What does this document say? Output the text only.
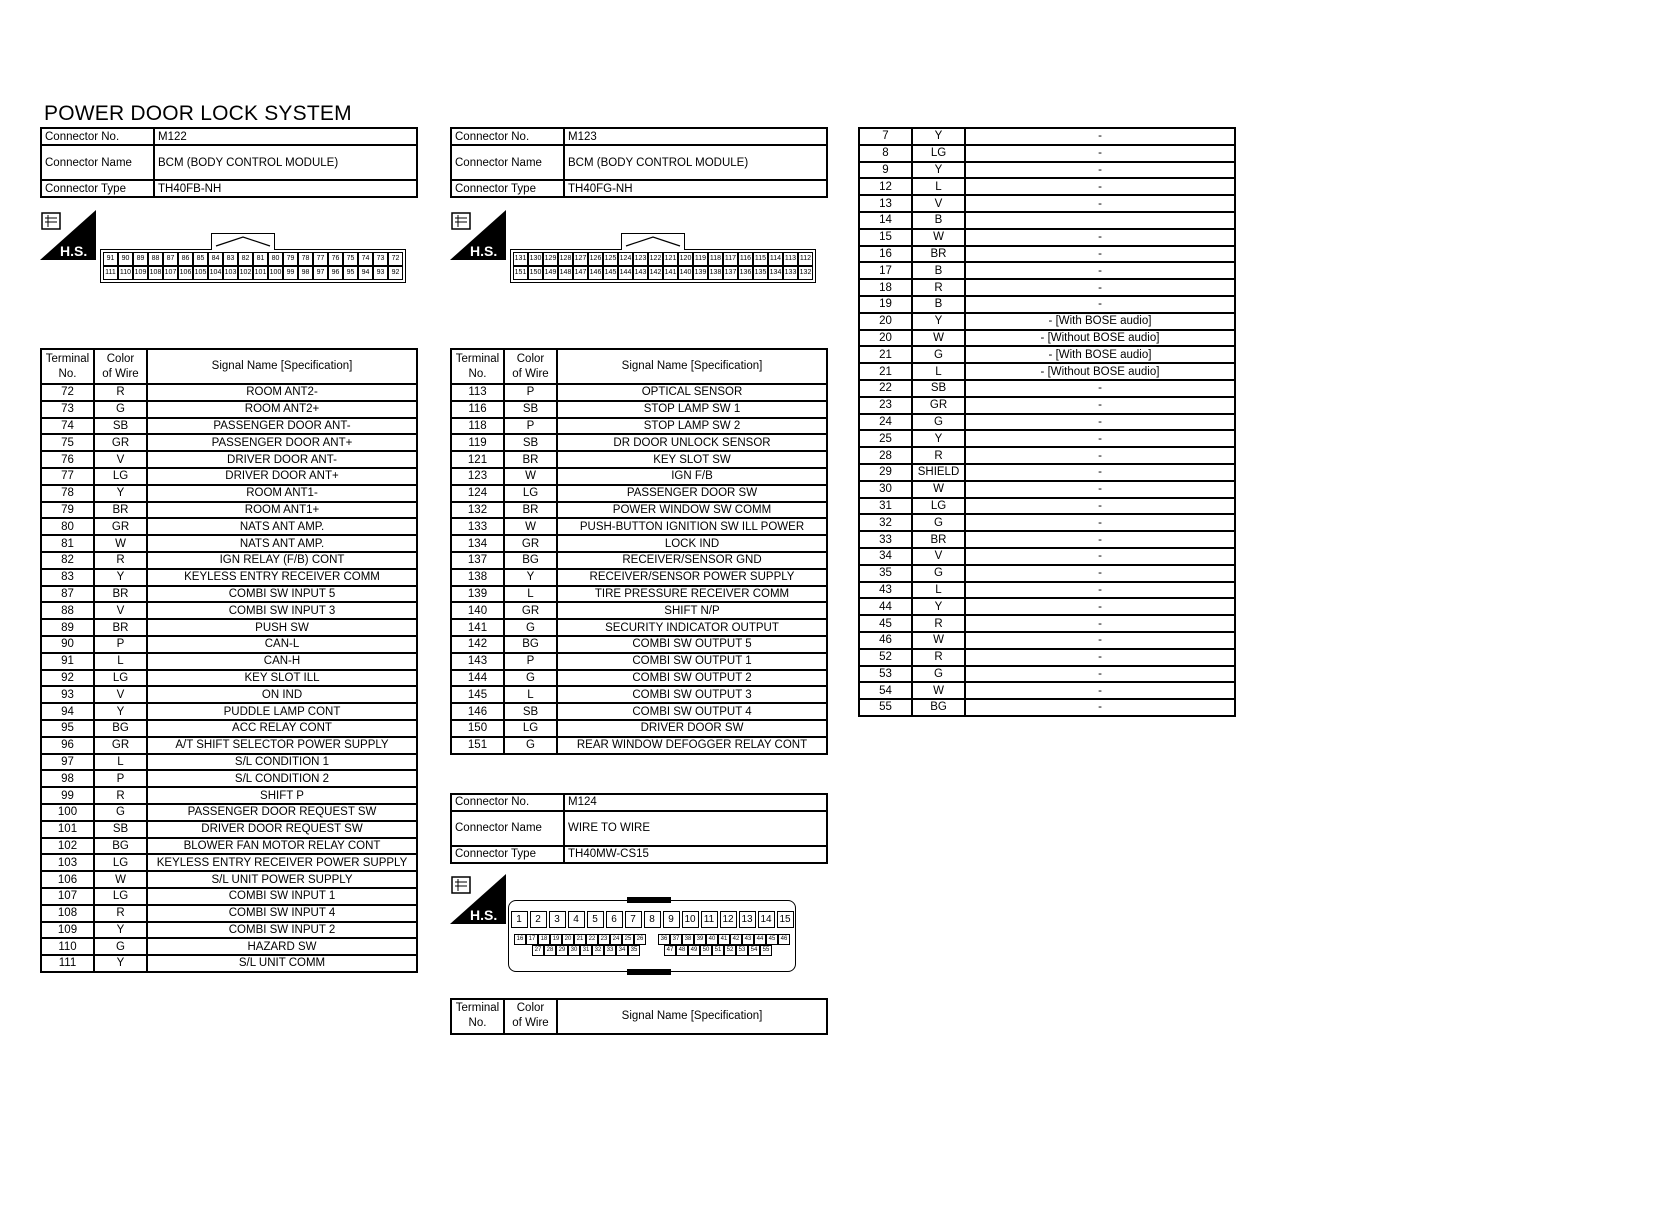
POWER DOOR LOCK SYSTEM
Connector No.	M122
Connector Name	BCM (BODY CONTROL MODULE)
Connector Type	TH40FB-NH
H.S.	91	90	89	88	87	86	85	84	83	82	81	80	79	78	77	76	75	74	73	72
111 110 109 108 107 106 105 104 103 102 101 100 99	98	97	96	95	94	93	92
Terminal
No.	Color
of Wire	Signal Name [Specification]
72	R	ROOM ANT2-
73	G	ROOM ANT2+
74	SB	PASSENGER DOOR ANT-
75	GR	PASSENGER DOOR ANT+
76	V	DRIVER DOOR ANT-
77	LG	DRIVER DOOR ANT+
78	Y	ROOM ANT1-
79	BR	ROOM ANT1+
80	GR	NATS ANT AMP.
81	W	NATS ANT AMP.
82	R	IGN RELAY (F/B) CONT
83	Y	KEYLESS ENTRY RECEIVER COMM
87	BR	COMBI SW INPUT 5
88	V	COMBI SW INPUT 3
89	BR	PUSH SW
90	P	CAN-L
91	L	CAN-H
92	LG	KEY SLOT ILL
93	V	ON IND
94	Y	PUDDLE LAMP CONT
95	BG	ACC RELAY CONT
96	GR	A/T SHIFT SELECTOR POWER SUPPLY
97	L	S/L CONDITION 1
98	P	S/L CONDITION 2
99	R	SHIFT P
100	G	PASSENGER DOOR REQUEST SW
101	SB	DRIVER DOOR REQUEST SW
102	BG	BLOWER FAN MOTOR RELAY CONT
103	LG	KEYLESS ENTRY RECEIVER POWER SUPPLY
106	W	S/L UNIT POWER SUPPLY
107	LG	COMBI SW INPUT 1
108	R	COMBI SW INPUT 4
109	Y	COMBI SW INPUT 2
110	G	HAZARD SW
111	Y	S/L UNIT COMM
Connector No.	M123
Connector Name	BCM (BODY CONTROL MODULE)
Connector Type	TH40FG-NH
H.S. 131 130 129 128 127 126 125 124 123 122 121 120 119 118 117 116 115 114 113 112
151 150 149 148 147 146 145 144 143 142 141 140 139 138 137 136 135 134 133 132
Terminal
No.	Color
of Wire	Signal Name [Specification]
113	P	OPTICAL SENSOR
116	SB	STOP LAMP SW 1
118	P	STOP LAMP SW 2
119	SB	DR DOOR UNLOCK SENSOR
121	BR	KEY SLOT SW
123	W	IGN F/B
124	LG	PASSENGER DOOR SW
132	BR	POWER WINDOW SW COMM
133	W	PUSH-BUTTON IGNITION SW ILL POWER
134	GR	LOCK IND
137	BG	RECEIVER/SENSOR GND
138	Y	RECEIVER/SENSOR POWER SUPPLY
139	L	TIRE PRESSURE RECEIVER COMM
140	GR	SHIFT N/P
141	G	SECURITY INDICATOR OUTPUT
142	BG	COMBI SW OUTPUT 5
143	P	COMBI SW OUTPUT 1
144	G	COMBI SW OUTPUT 2
145	L	COMBI SW OUTPUT 3
146	SB	COMBI SW OUTPUT 4
150	LG	DRIVER DOOR SW
151	G	REAR WINDOW DEFOGGER RELAY CONT
Connector No.	M124
Connector Name	WIRE TO WIRE
Connector Type	TH40MW-CS15
H.S.	1	2	3	4	5	6	7	8	9	10 11 12 13 14 15
16 17 18 19 20 21 22 23 24 25 26	36 37 38 39 40 41 42 43 44 45 46
27 28 29 30 31 32 33 34 35	47 48 49 50 51 52 53 54 55
Terminal
No.	Color
of Wire	Signal Name [Specification]
7	Y	-
8	LG	-
9	Y	-
12	L	-
13	V	-
14	B	
15	W	-
16	BR	-
17	B	-
18	R	-
19	B	-
20	Y	- [With BOSE audio]
20	W	- [Without BOSE audio]
21	G	- [With BOSE audio]
21	L	- [Without BOSE audio]
22	SB	-
23	GR	-
24	G	-
25	Y	-
28	R	-
29	SHIELD	-
30	W	-
31	LG	-
32	G	-
33	BR	-
34	V	-
35	G	-
43	L	-
44	Y	-
45	R	-
46	W	-
52	R	-
53	G	-
54	W	-
55	BG	-
